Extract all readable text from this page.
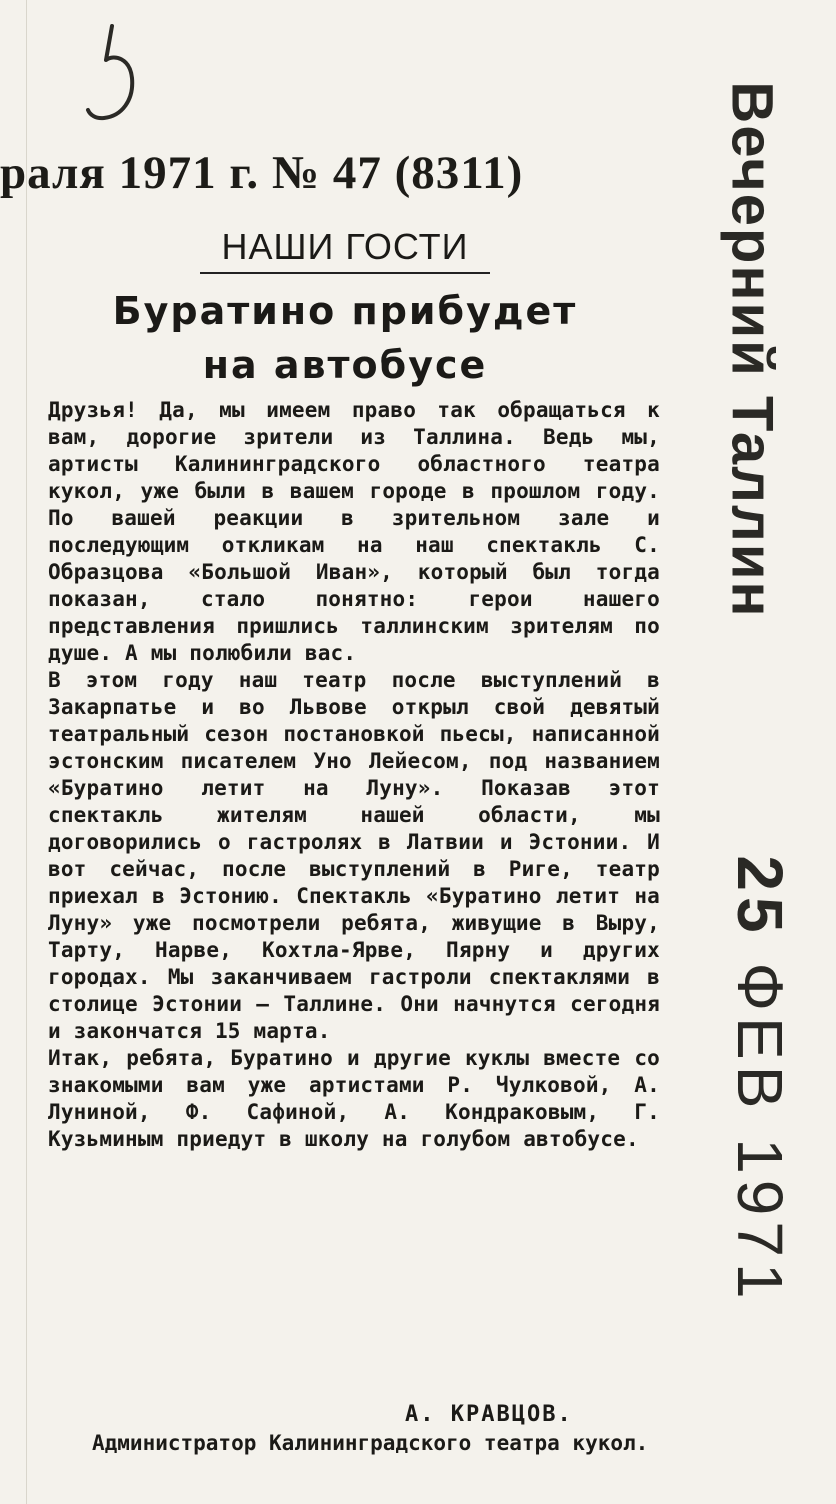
раля 1971 г. № 47 (8311)
НАШИ ГОСТИ
Буратино прибудет
на автобусе

Друзья! Да, мы имеем право так обращаться к вам, дорогие зрители из Таллина. Ведь мы, артисты Калининградского областного театра кукол, уже были в вашем городе в прошлом году. По вашей реакции в зрительном зале и последующим откликам на наш спектакль С. Образцова «Большой Иван», который был тогда показан, стало понятно: герои нашего представления пришлись таллинским зрителям по душе. А мы полюбили вас.

В этом году наш театр после выступлений в Закарпатье и во Львове открыл свой девятый театральный сезон постановкой пьесы, написанной эстонским писателем Уно Лейесом, под названием «Буратино летит на Луну». Показав этот спектакль жителям нашей области, мы договорились о гастролях в Латвии и Эстонии. И вот сейчас, после выступлений в Риге, театр приехал в Эстонию. Спектакль «Буратино летит на Луну» уже посмотрели ребята, живущие в Выру, Тарту, Нарве, Кохтла-Ярве, Пярну и других городах. Мы заканчиваем гастроли спектаклями в столице Эстонии — Таллине. Они начнутся сегодня и закончатся 15 марта.

Итак, ребята, Буратино и другие куклы вместе со знакомыми вам уже артистами Р. Чулковой, А. Луниной, Ф. Сафиной, А. Кондраковым, Г. Кузьминым приедут в школу на голубом автобусе.

А. КРАВЦОВ.
Администратор Калининградского театра кукол.
Вечерний Таллин
25 ФЕВ 1971
